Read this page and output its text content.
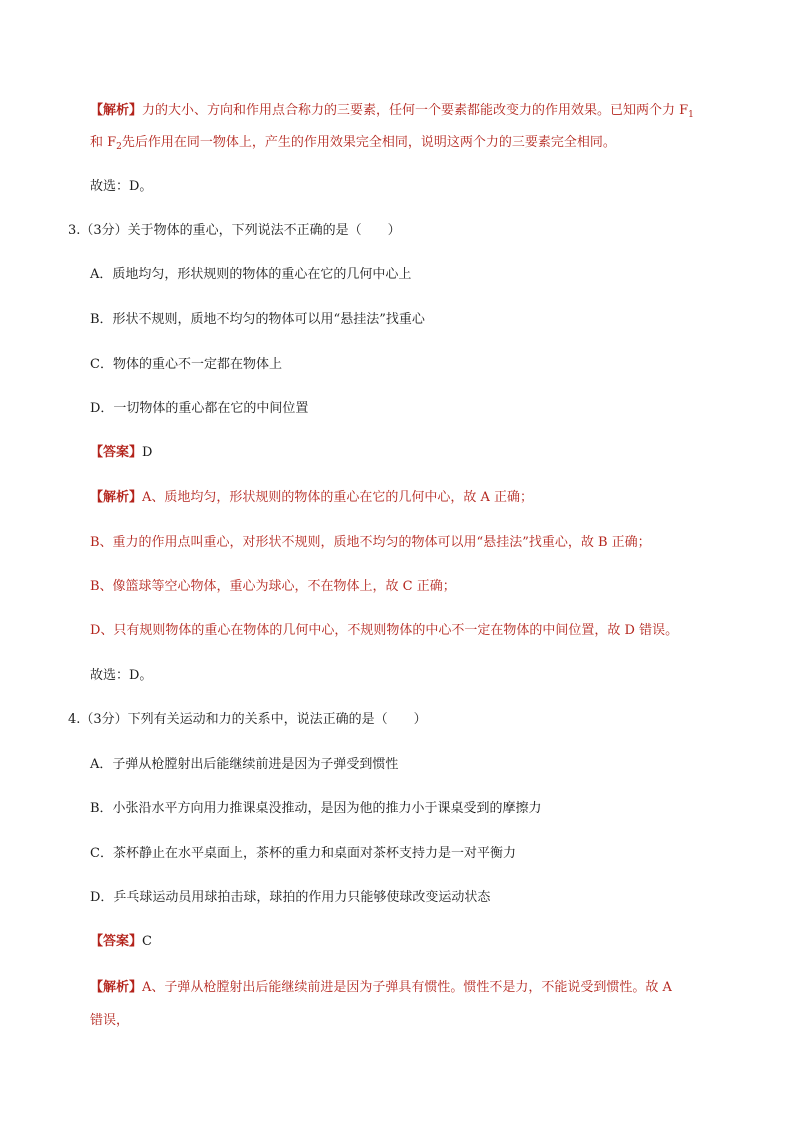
【解析】力的大小、方向和作用点合称力的三要素，任何一个要素都能改变力的作用效果。已知两个力 $F_1$
和 $F_2$先后作用在同一物体上，产生的作用效果完全相同，说明这两个力的三要素完全相同。
故选：D。
3.（3分）关于物体的重心，下列说法不正确的是（　　）
A．质地均匀，形状规则的物体的重心在它的几何中心上
B．形状不规则，质地不均匀的物体可以用“悬挂法”找重心
C．物体的重心不一定都在物体上
D．一切物体的重心都在它的中间位置
【答案】D
【解析】A、质地均匀，形状规则的物体的重心在它的几何中心，故 A 正确；
B、重力的作用点叫重心，对形状不规则，质地不均匀的物体可以用“悬挂法”找重心，故 B 正确；
B、像篮球等空心物体，重心为球心，不在物体上，故 C 正确；
D、只有规则物体的重心在物体的几何中心，不规则物体的中心不一定在物体的中间位置，故 D 错误。
故选：D。
4.（3分）下列有关运动和力的关系中，说法正确的是（　　）
A．子弹从枪膛射出后能继续前进是因为子弹受到惯性
B．小张沿水平方向用力推课桌没推动，是因为他的推力小于课桌受到的摩擦力
C．茶杯静止在水平桌面上，茶杯的重力和桌面对茶杯支持力是一对平衡力
D．乒乓球运动员用球拍击球，球拍的作用力只能够使球改变运动状态
【答案】C
【解析】A、子弹从枪膛射出后能继续前进是因为子弹具有惯性。惯性不是力，不能说受到惯性。故 A
错误，
